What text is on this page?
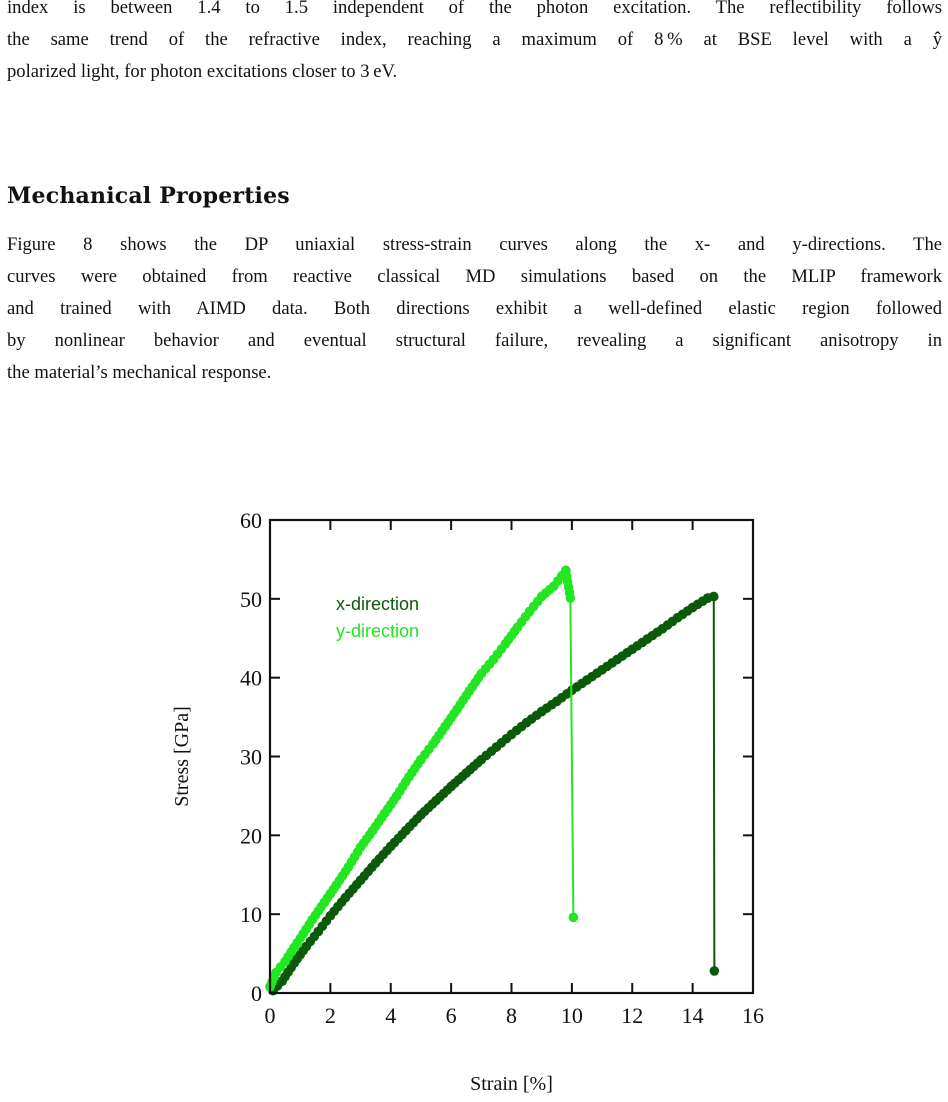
index is between 1.4 to 1.5 independent of the photon excitation. The reflectibility follows
the same trend of the refractive index, reaching a maximum of 8 % at BSE level with a ŷ
polarized light, for photon excitations closer to 3 eV.

Mechanical Properties

Figure 8 shows the DP uniaxial stress-strain curves along the x- and y-directions. The
curves were obtained from reactive classical MD simulations based on the MLIP framework
and trained with AIMD data. Both directions exhibit a well-defined elastic region followed
by nonlinear behavior and eventual structural failure, revealing a significant anisotropy in
the material’s mechanical response.

0 2 4 6 8 10 12 14 16
0
10
20
30
40
50
60
Strain [%]
Stress [GPa]
x-direction
y-direction
